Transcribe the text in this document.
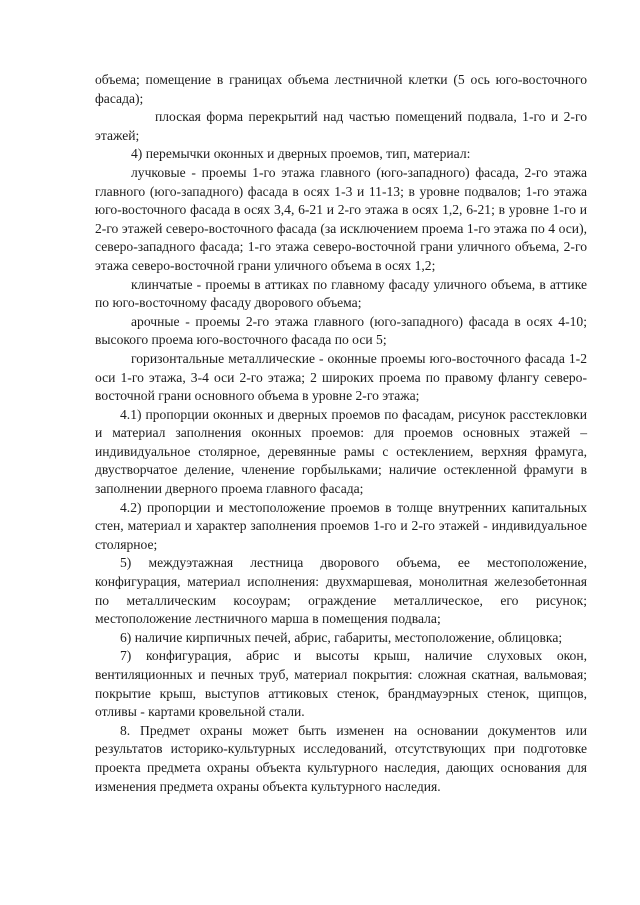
объема; помещение в границах объема лестничной клетки (5 ось юго-восточного фасада);

плоская форма перекрытий над частью помещений подвала, 1-го и 2-го этажей;

4) перемычки оконных и дверных проемов, тип, материал:

лучковые - проемы 1-го этажа главного (юго-западного) фасада, 2-го этажа главного (юго-западного) фасада в осях 1-3 и 11-13; в уровне подвалов; 1-го этажа юго-восточного фасада в осях 3,4, 6-21 и 2-го этажа в осях 1,2, 6-21; в уровне 1-го и 2-го этажей северо-восточного фасада (за исключением проема 1-го этажа по 4 оси), северо-западного фасада; 1-го этажа северо-восточной грани уличного объема, 2-го этажа северо-восточной грани уличного объема в осях 1,2;

клинчатые - проемы в аттиках по главному фасаду уличного объема, в аттике по юго-восточному фасаду дворового объема;

арочные - проемы 2-го этажа главного (юго-западного) фасада в осях 4-10; высокого проема юго-восточного фасада по оси 5;

горизонтальные металлические - оконные проемы юго-восточного фасада 1-2 оси 1-го этажа, 3-4 оси 2-го этажа; 2 широких проема по правому флангу северо-восточной грани основного объема в уровне 2-го этажа;

4.1) пропорции оконных и дверных проемов по фасадам, рисунок расстекловки и материал заполнения оконных проемов: для проемов основных этажей – индивидуальное столярное, деревянные рамы с остеклением, верхняя фрамуга, двустворчатое деление, членение горбыльками; наличие остекленной фрамуги в заполнении дверного проема главного фасада;

4.2) пропорции и местоположение проемов в толще внутренних капитальных стен, материал и характер заполнения проемов 1-го и 2-го этажей - индивидуальное столярное;

5) междуэтажная лестница дворового объема, ее местоположение, конфигурация, материал исполнения: двухмаршевая, монолитная железобетонная по металлическим косоурам; ограждение металлическое, его рисунок; местоположение лестничного марша в помещения подвала;

6) наличие кирпичных печей, абрис, габариты, местоположение, облицовка;

7) конфигурация, абрис и высоты крыш, наличие слуховых окон, вентиляционных и печных труб, материал покрытия: сложная скатная, вальмовая; покрытие крыш, выступов аттиковых стенок, брандмауэрных стенок, щипцов, отливы - картами кровельной стали.

8. Предмет охраны может быть изменен на основании документов или результатов историко-культурных исследований, отсутствующих при подготовке проекта предмета охраны объекта культурного наследия, дающих основания для изменения предмета охраны объекта культурного наследия.
